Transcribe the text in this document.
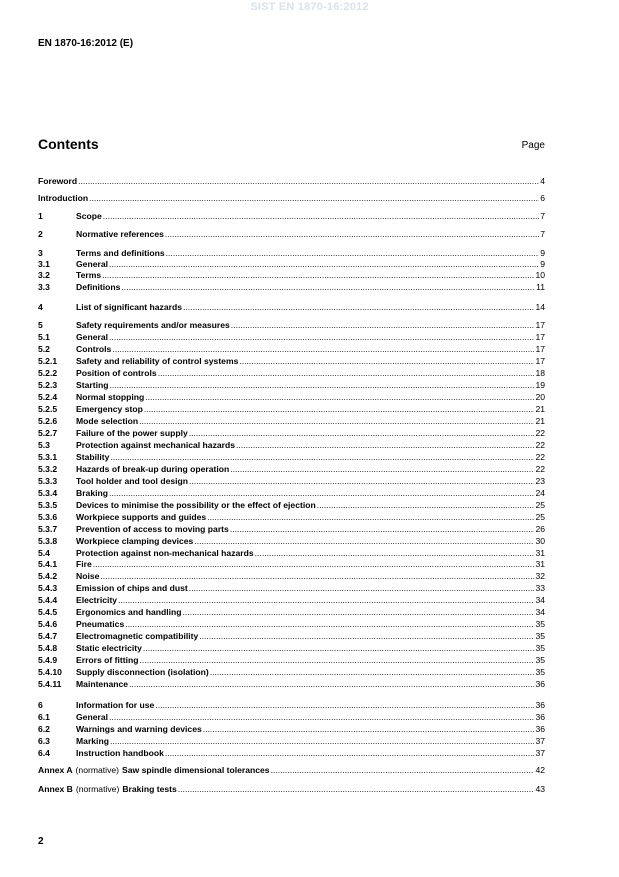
SIST EN 1870-16:2012
EN 1870-16:2012 (E)
Contents	Page
Foreword .....	4
Introduction .....	6
1	Scope .....	7
2	Normative references .....	7
3	Terms and definitions .....	9
3.1	General .....	9
3.2	Terms .....	10
3.3	Definitions .....	11
4	List of significant hazards .....	14
5	Safety requirements and/or measures .....	17
5.1	General .....	17
5.2	Controls .....	17
5.2.1	Safety and reliability of control systems .....	17
5.2.2	Position of controls .....	18
5.2.3	Starting .....	19
5.2.4	Normal stopping .....	20
5.2.5	Emergency stop .....	21
5.2.6	Mode selection .....	21
5.2.7	Failure of the power supply .....	22
5.3	Protection against mechanical hazards .....	22
5.3.1	Stability .....	22
5.3.2	Hazards of break-up during operation .....	22
5.3.3	Tool holder and tool design .....	23
5.3.4	Braking .....	24
5.3.5	Devices to minimise the possibility or the effect of ejection .....	25
5.3.6	Workpiece supports and guides .....	25
5.3.7	Prevention of access to moving parts .....	26
5.3.8	Workpiece clamping devices .....	30
5.4	Protection against non-mechanical hazards .....	31
5.4.1	Fire .....	31
5.4.2	Noise .....	32
5.4.3	Emission of chips and dust .....	33
5.4.4	Electricity .....	34
5.4.5	Ergonomics and handling .....	34
5.4.6	Pneumatics .....	35
5.4.7	Electromagnetic compatibility .....	35
5.4.8	Static electricity .....	35
5.4.9	Errors of fitting .....	35
5.4.10	Supply disconnection (isolation) .....	35
5.4.11	Maintenance .....	36
6	Information for use .....	36
6.1	General .....	36
6.2	Warnings and warning devices .....	36
6.3	Marking .....	37
6.4	Instruction handbook .....	37
Annex A (normative) Saw spindle dimensional tolerances .....	42
Annex B (normative) Braking tests .....	43
2
